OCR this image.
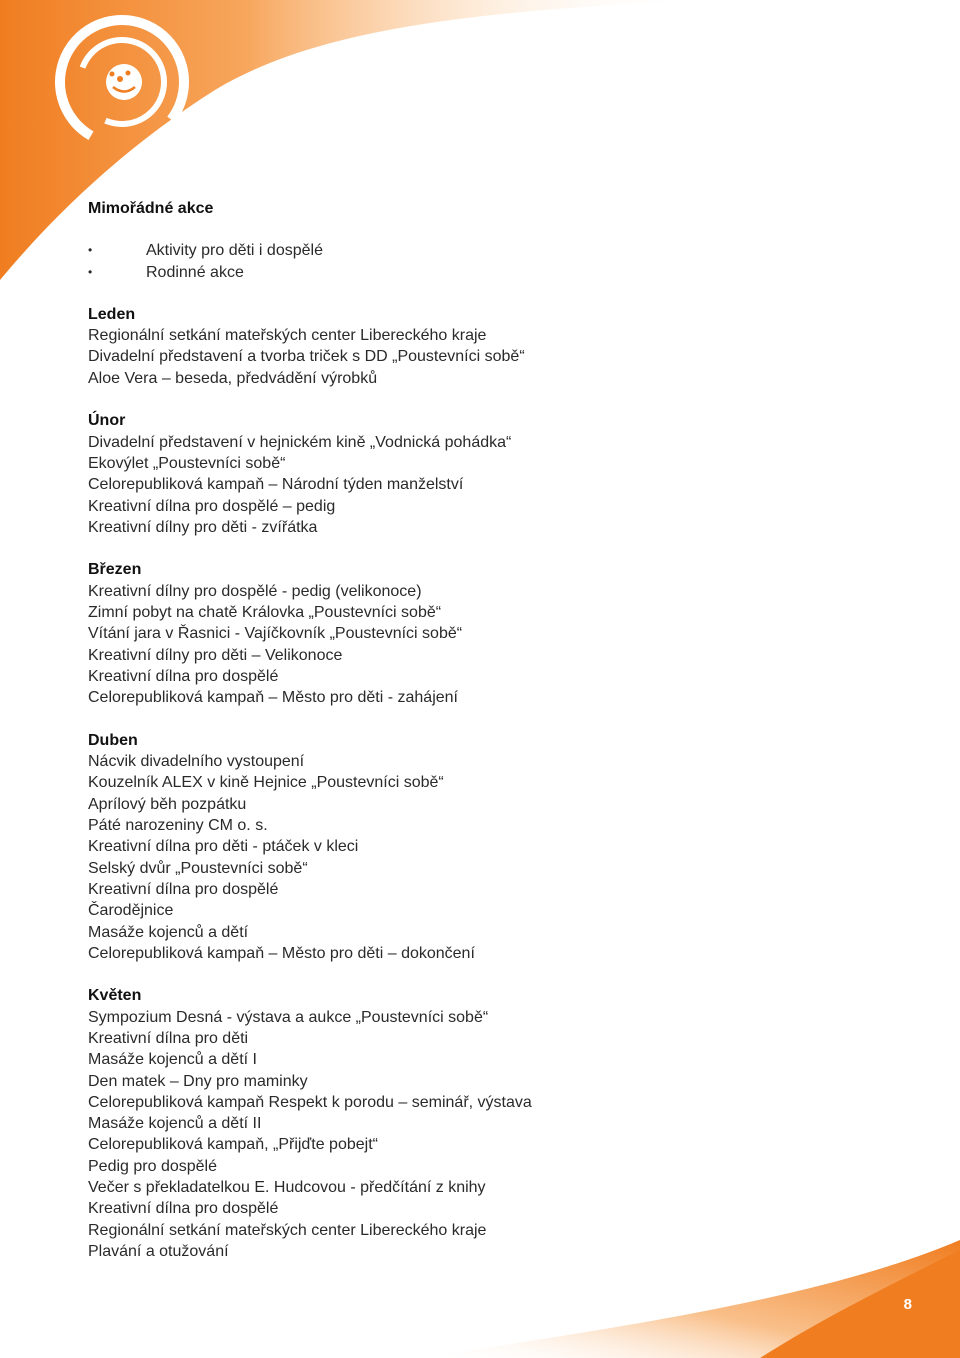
Mimořádné akce
•	Aktivity pro děti i dospělé
•	Rodinné akce
Leden
Regionální setkání mateřských center Libereckého kraje
Divadelní představení a tvorba triček s DD „Poustevníci sobě“
Aloe Vera – beseda, předvádění výrobků
Únor
Divadelní představení v hejnickém kině „Vodnická pohádka“
Ekovýlet „Poustevníci sobě“
Celorepubliková kampaň – Národní týden manželství
Kreativní dílna pro dospělé – pedig
Kreativní dílny pro děti - zvířátka
Březen
Kreativní dílny pro dospělé - pedig (velikonoce)
Zimní pobyt na chatě Královka „Poustevníci sobě“
Vítání jara v Řasnici - Vajíčkovník „Poustevníci sobě“
Kreativní dílny pro děti – Velikonoce
Kreativní dílna pro dospělé
Celorepubliková kampaň – Město pro děti - zahájení
Duben
Nácvik divadelního vystoupení
Kouzelník ALEX v kině Hejnice „Poustevníci sobě“
Aprílový běh pozpátku
Páté narozeniny CM o. s.
Kreativní dílna pro děti - ptáček v kleci
Selský dvůr „Poustevníci sobě“
Kreativní dílna pro dospělé
Čarodějnice
Masáže kojenců a dětí
Celorepubliková kampaň – Město pro děti – dokončení
Květen
Sympozium Desná - výstava a aukce „Poustevníci sobě“
Kreativní dílna pro děti
Masáže kojenců a dětí I
Den matek – Dny pro maminky
Celorepubliková kampaň Respekt k porodu – seminář, výstava
Masáže kojenců a dětí II
Celorepubliková kampaň, „Přijďte pobejt“
Pedig pro dospělé
Večer s překladatelkou E. Hudcovou - předčítání z knihy
Kreativní dílna pro dospělé
Regionální setkání mateřských center Libereckého kraje
Plavání a otužování
8
